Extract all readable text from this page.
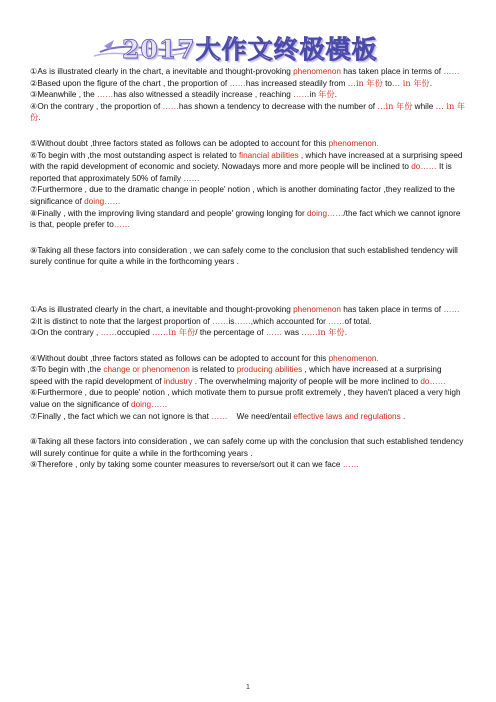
2017大作文终极模板

①As is illustrated clearly in the chart, a inevitable and thought-provoking phenomenon has taken place in terms of ……

②Based upon the figure of the chart , the proportion of ……has increased steadily from …in 年份 to… in 年份.

③Meanwhile , the ……has also witnessed a steadily increase , reaching ……in 年份.

④On the contrary , the proportion of ……has shown a tendency to decrease with the number of …in 年份 while … in 年份.

⑤Without doubt ,three factors stated as follows can be adopted to account for this phenomenon.

⑥To begin with ,the most outstanding aspect is related to financial abilities , which have increased at a surprising speed with the rapid development of economic and society. Nowadays more and more people will be inclined to do…… It is reported that approximately 50% of family ……

⑦Furthermore , due to the dramatic change in people' notion , which is another dominating factor ,they realized to the significance of doing……

⑧Finally , with the improving living standard and people' growing longing for doing……/the fact which we cannot ignore is that, people prefer to……

⑨Taking all these factors into consideration , we can safely come to the conclusion that such established tendency will surely continue for quite a while in the forthcoming years .

①As is illustrated clearly in the chart, a inevitable and thought-provoking phenomenon has taken place in terms of ……

②It is distinct to note that the largest proportion of ……is……,which accounted for ……of total.

③On the contrary , ……occupied ……in 年份/ the percentage of …… was ……in 年份.

④Without doubt ,three factors stated as follows can be adopted to account for this phenomenon.

⑤To begin with ,the change or phenomenon is related to producing abilities , which have increased at a surprising speed with the rapid development of industry . The overwhelming majority of people will be more inclined to do……

⑥Furthermore , due to people' notion , which motivate them to pursue profit extremely , they haven't placed a very high value on the significance of doing……

⑦Finally , the fact which we can not ignore is that ……    We need/entail effective laws and regulations .

⑧Taking all these factors into consideration , we can safely come up with the conclusion that such established tendency will surely continue for quite a while in the forthcoming years .

⑨Therefore , only by taking some counter measures to reverse/sort out it can we face ……

1
